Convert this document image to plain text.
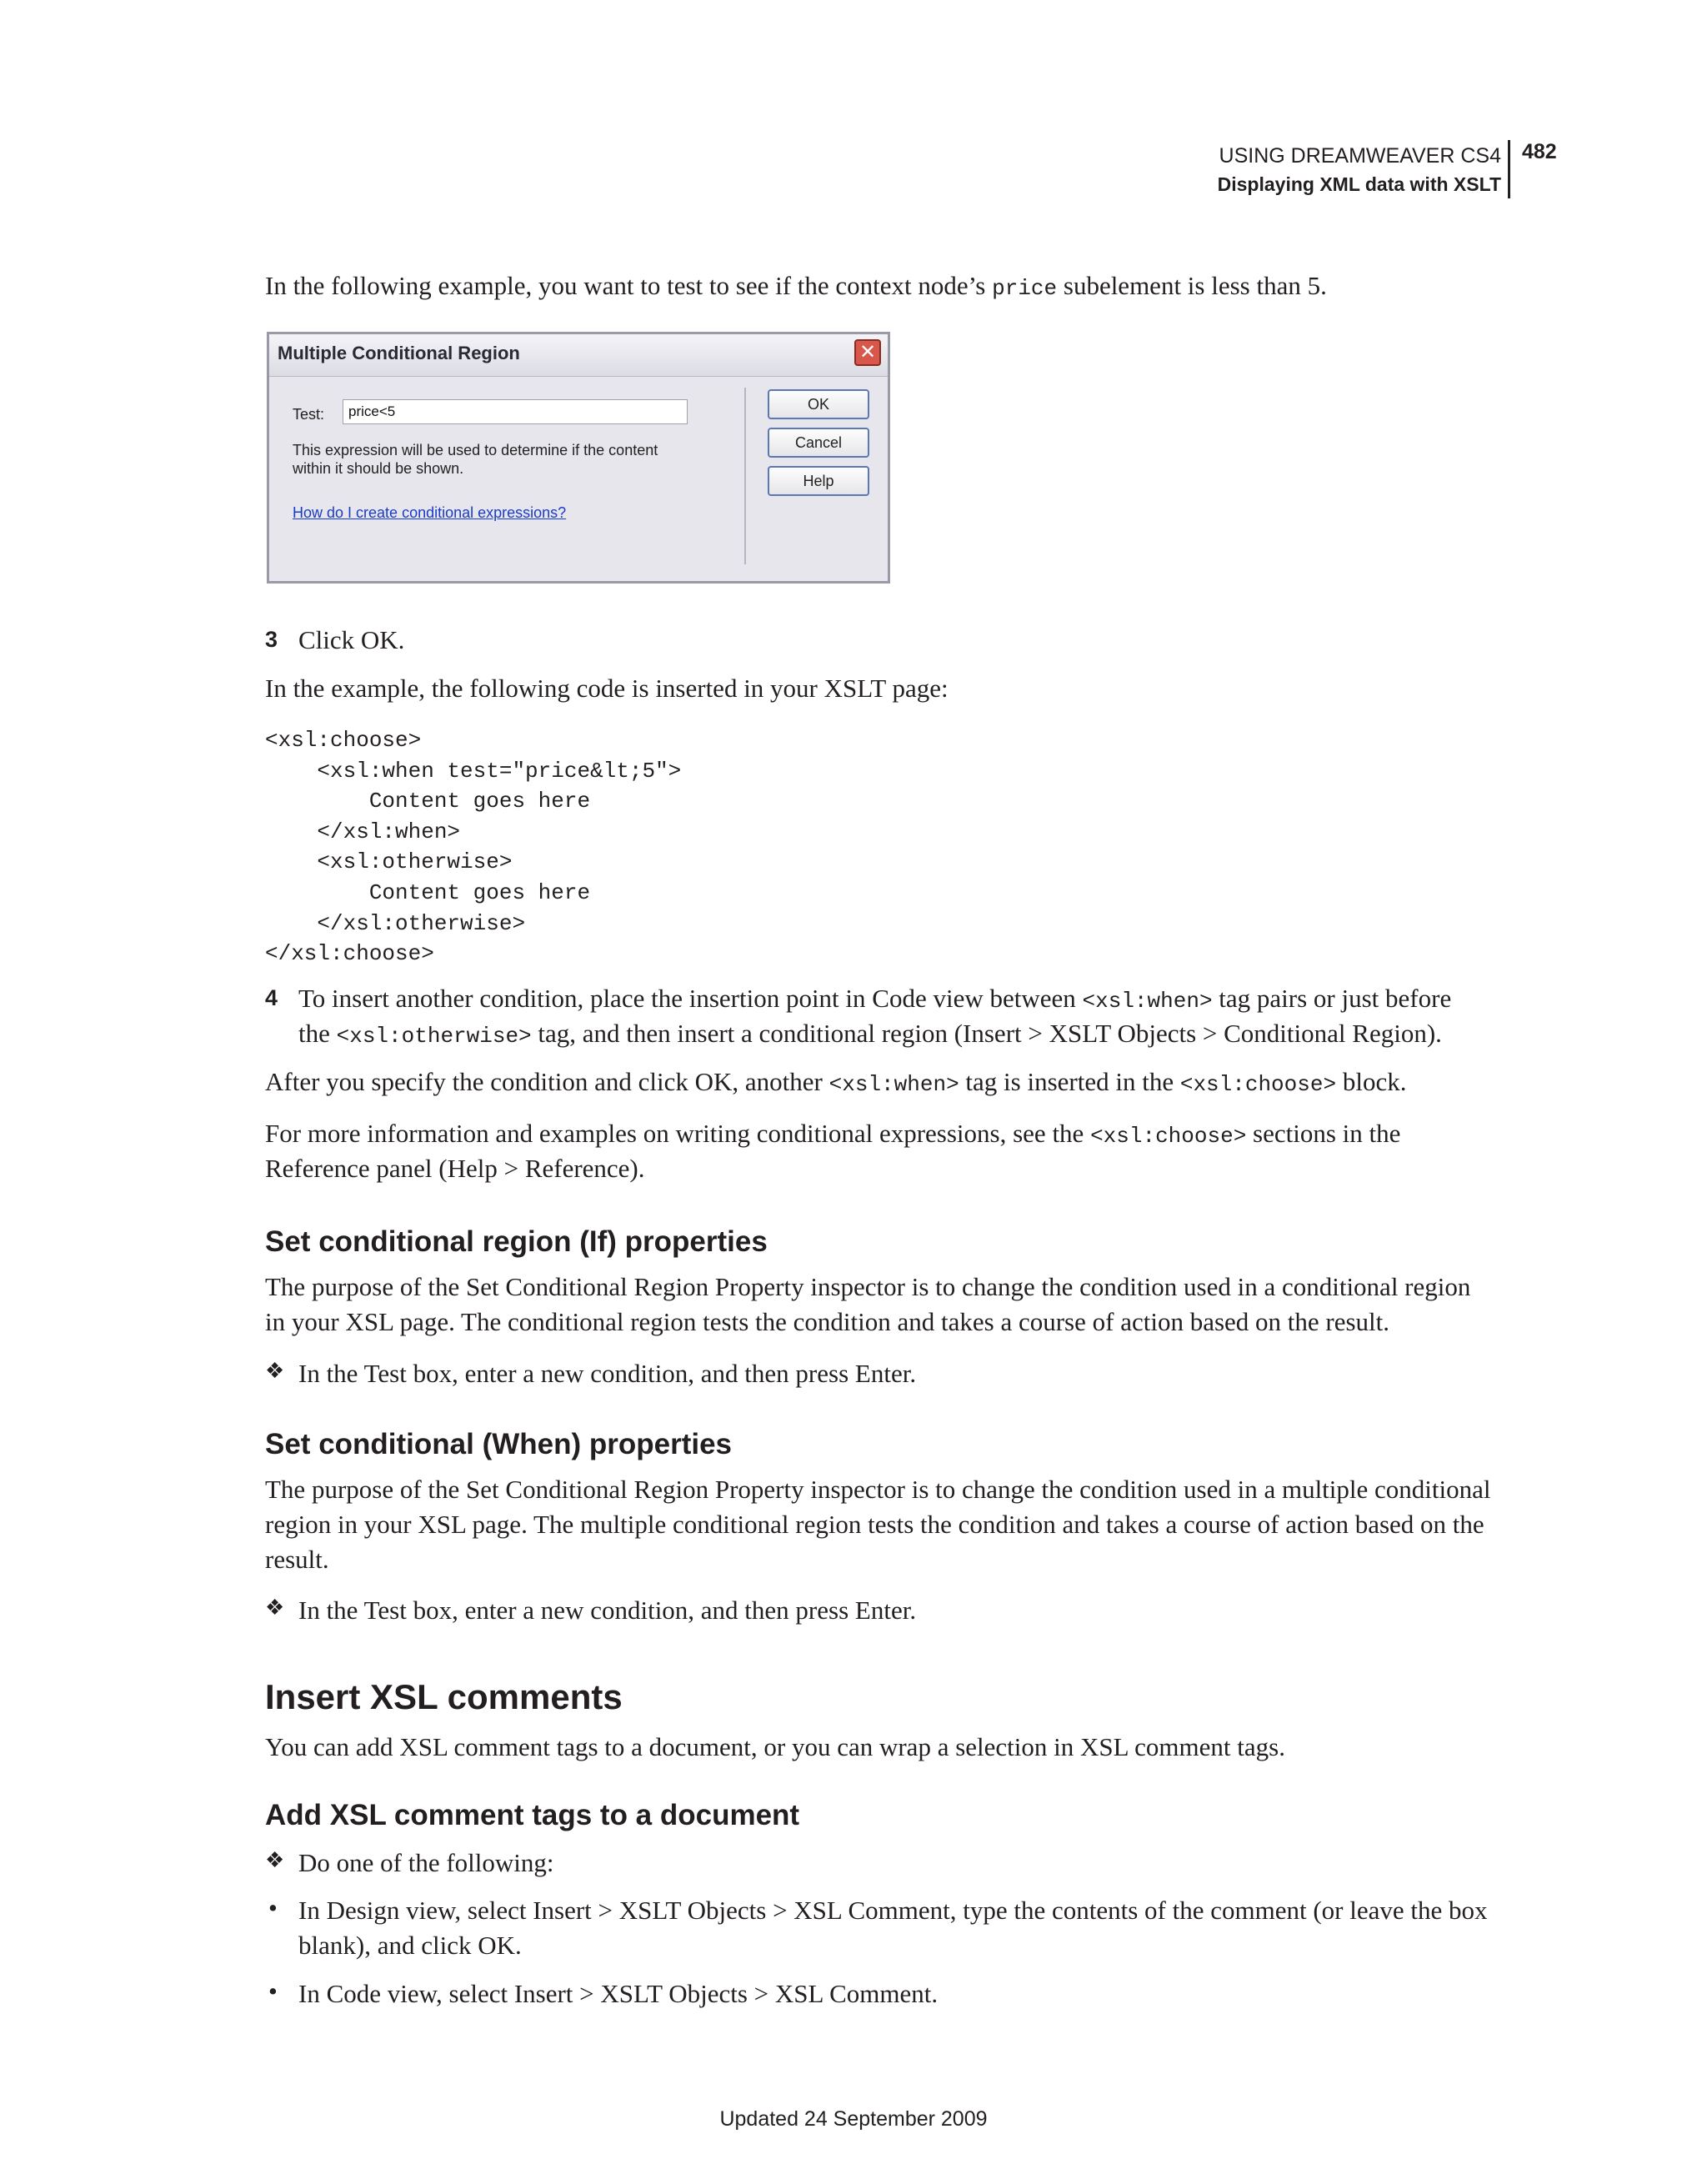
USING DREAMWEAVER CS4
Displaying XML data with XSLT
482

In the following example, you want to test to see if the context node’s price subelement is less than 5.

Multiple Conditional Region	✕
Test:	price<5
This expression will be used to determine if the content within it should be shown.
How do I create conditional expressions?
OK
Cancel
Help
3 Click OK.

In the example, the following code is inserted in your XSLT page:

<xsl:choose>
<xsl:when test="price&lt;5">
Content goes here
</xsl:when>
<xsl:otherwise>
Content goes here
</xsl:otherwise>
</xsl:choose>
4 To insert another condition, place the insertion point in Code view between <xsl:when> tag pairs or just before

the <xsl:otherwise> tag, and then insert a conditional region (Insert > XSLT Objects > Conditional Region).

After you specify the condition and click OK, another <xsl:when> tag is inserted in the <xsl:choose> block.

For more information and examples on writing conditional expressions, see the <xsl:choose> sections in the

Reference panel (Help > Reference).

Set conditional region (If) properties

The purpose of the Set Conditional Region Property inspector is to change the condition used in a conditional region

in your XSL page. The conditional region tests the condition and takes a course of action based on the result.

❖ In the Test box, enter a new condition, and then press Enter.

Set conditional (When) properties

The purpose of the Set Conditional Region Property inspector is to change the condition used in a multiple conditional

region in your XSL page. The multiple conditional region tests the condition and takes a course of action based on the

result.

❖ In the Test box, enter a new condition, and then press Enter.

Insert XSL comments

You can add XSL comment tags to a document, or you can wrap a selection in XSL comment tags.

Add XSL comment tags to a document
❖ Do one of the following:

• In Design view, select Insert > XSLT Objects > XSL Comment, type the contents of the comment (or leave the box

blank), and click OK.

• In Code view, select Insert > XSLT Objects > XSL Comment.

Updated 24 September 2009
